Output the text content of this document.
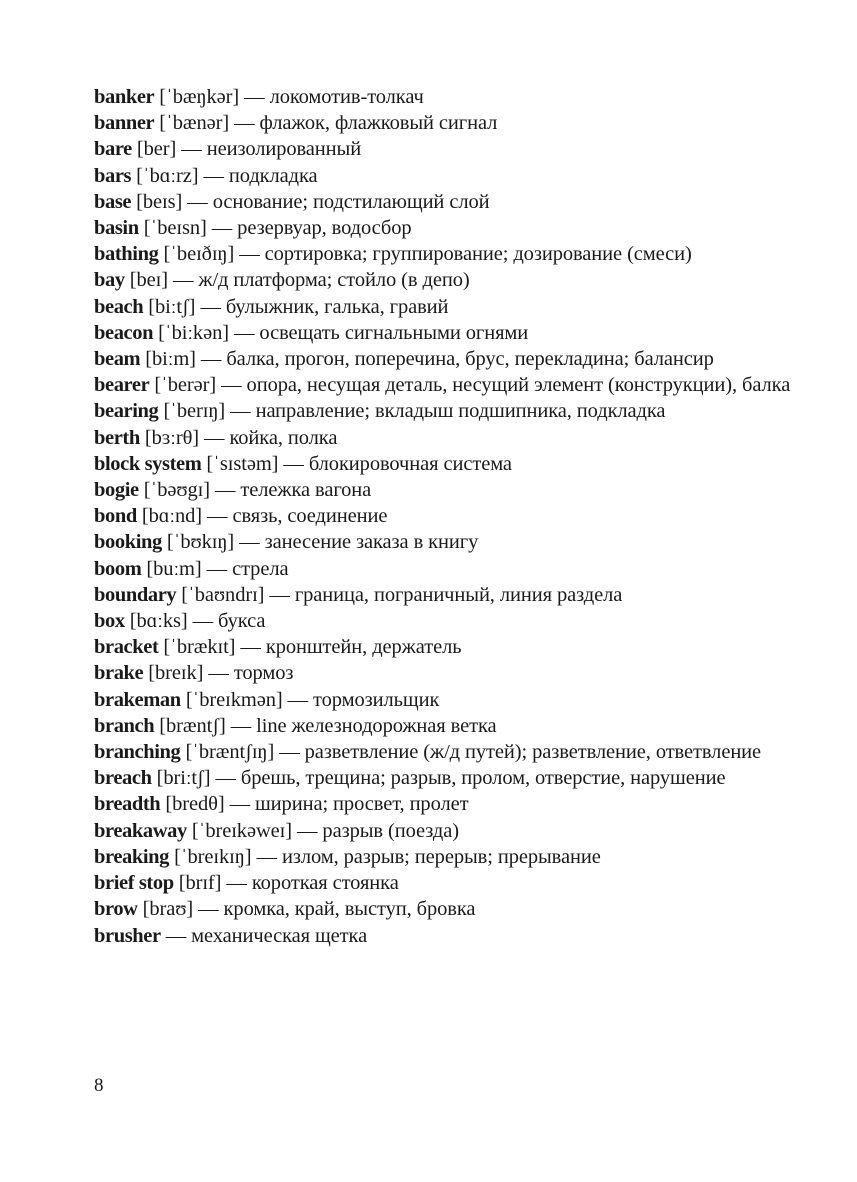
banker [ˈbæŋkər] — локомотив-толкач
banner [ˈbænər] — флажок, флажковый сигнал
bare [ber] — неизолированный
bars [ˈbɑːrz] — подкладка
base [beɪs] — основание; подстилающий слой
basin [ˈbeɪsn] — резервуар, водосбор
bathing [ˈbeɪðɪŋ] — сортировка; группирование; дозирование (смеси)
bay [beɪ] — ж/д платформа; стойло (в депо)
beach [biːtʃ] — булыжник, галька, гравий
beacon [ˈbiːkən] — освещать сигнальными огнями
beam [biːm] — балка, прогон, поперечина, брус, перекладина; балансир
bearer [ˈberər] — опора, несущая деталь, несущий элемент (конструкции), балка
bearing [ˈberɪŋ] — направление; вкладыш подшипника, подкладка
berth [bɜːrθ] — койка, полка
block system [ˈsɪstəm] — блокировочная система
bogie [ˈbəʊgɪ] — тележка вагона
bond [bɑːnd] — связь, соединение
booking [ˈbʊkɪŋ] — занесение заказа в книгу
boom [buːm] — стрела
boundary [ˈbaʊndrɪ] — граница, пограничный, линия раздела
box [bɑːks] — букса
bracket [ˈbrækɪt] — кронштейн, держатель
brake [breɪk] — тормоз
brakeman [ˈbreɪkmən] — тормозильщик
branch [bræntʃ] — line железнодорожная ветка
branching [ˈbræntʃɪŋ] — разветвление (ж/д путей); разветвление, ответвление
breach [briːtʃ] — брешь, трещина; разрыв, пролом, отверстие, нарушение
breadth [bredθ] — ширина; просвет, пролет
breakaway [ˈbreɪkəweɪ] — разрыв (поезда)
breaking [ˈbreɪkɪŋ] — излом, разрыв; перерыв; прерывание
brief stop [brɪf] — короткая стоянка
brow [braʊ] — кромка, край, выступ, бровка
brusher — механическая щетка
8
